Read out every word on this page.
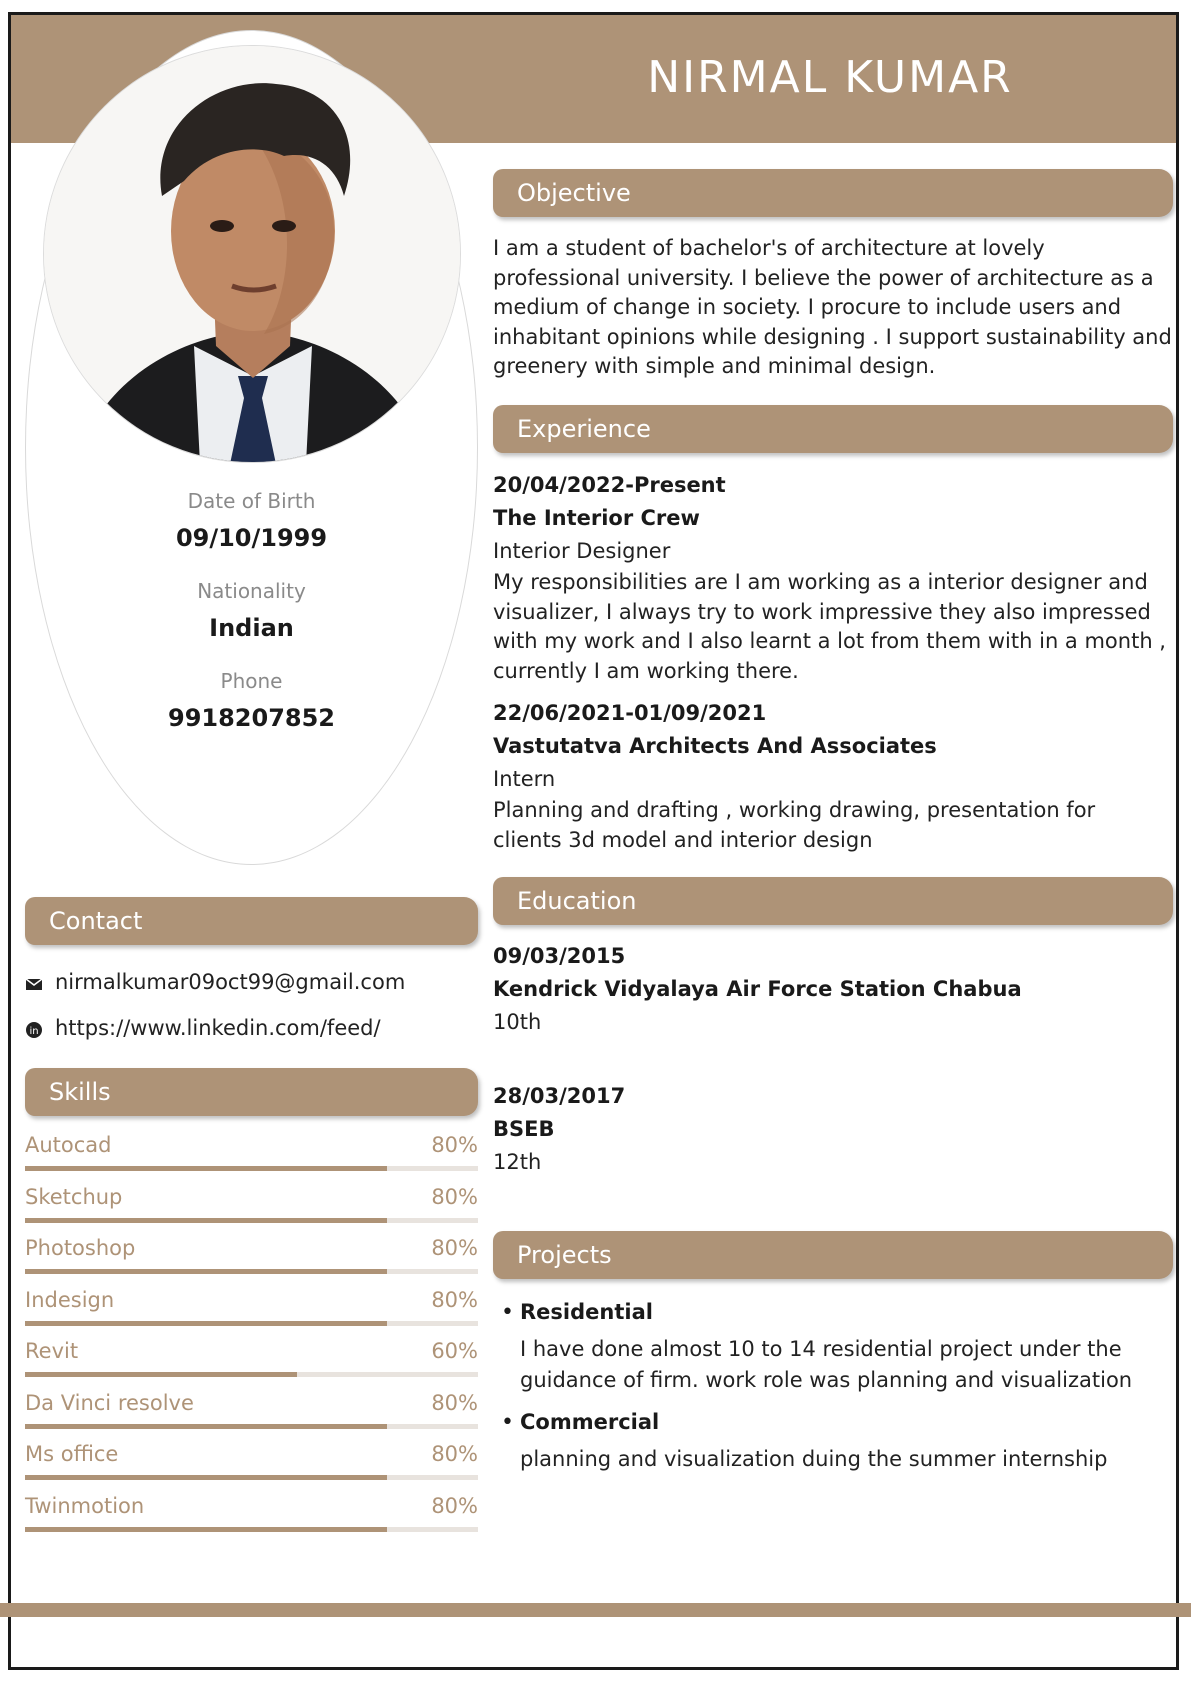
NIRMAL KUMAR
Date of Birth
09/10/1999
Nationality
Indian
Phone
9918207852
Contact
nirmalkumar09oct99@gmail.com
in https://www.linkedin.com/feed/
Skills
Autocad	80%
Sketchup	80%
Photoshop	80%
Indesign	80%
Revit	60%
Da Vinci resolve	80%
Ms office	80%
Twinmotion	80%
Objective
I am a student of bachelor's of architecture at lovely professional university. I believe the power of architecture as a medium of change in society. I procure to include users and inhabitant opinions while designing . I support sustainability and greenery with simple and minimal design.
Experience
20/04/2022-Present
The Interior Crew
Interior Designer
My responsibilities are I am working as a interior designer and visualizer, I always try to work impressive they also impressed with my work and I also learnt a lot from them with in a month , currently I am working there.
22/06/2021-01/09/2021
Vastutatva Architects And Associates
Intern
Planning and drafting , working drawing, presentation for clients 3d model and interior design
Education
09/03/2015
Kendrick Vidyalaya Air Force Station Chabua
10th
28/03/2017
BSEB
12th
Projects
• Residential
I have done almost 10 to 14 residential project under the guidance of firm. work role was planning and visualization
• Commercial
planning and visualization duing the summer internship
